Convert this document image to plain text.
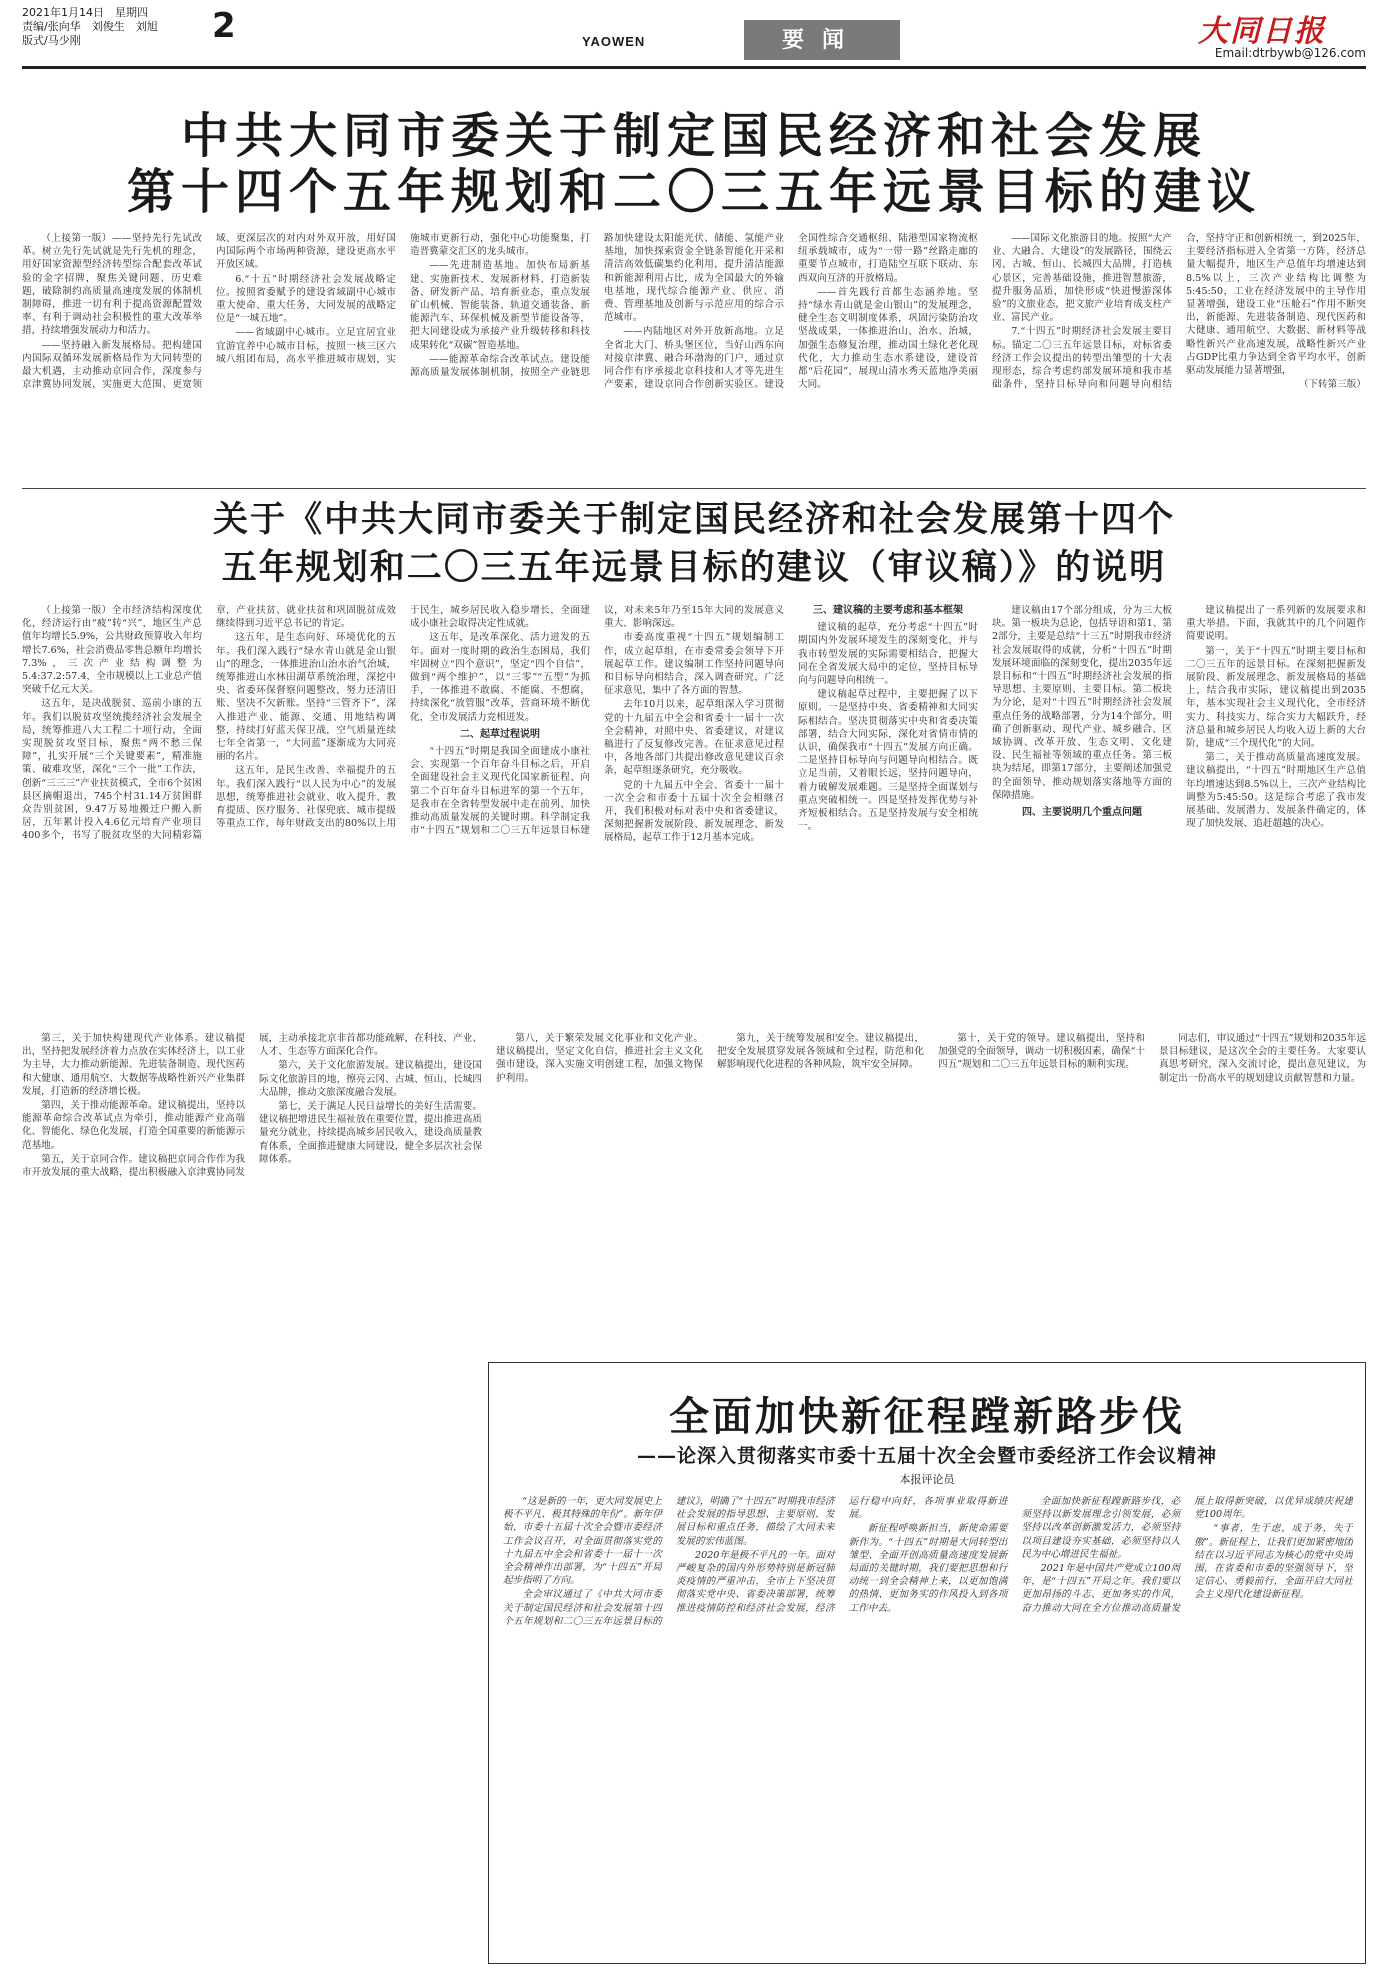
2021年1月14日　星期四
责编/张向华　刘俊生　刘旭
版式/马少刚	2	YAOWEN	要闻	大同日报
Email:dtrbywb@126.com
中共大同市委关于制定国民经济和社会发展
第十四个五年规划和二〇三五年远景目标的建议

（上接第一版）——坚持先行先试改革。树立先行先试就是先行先机的理念，用好国家资源型经济转型综合配套改革试验的金字招牌，聚焦关键问题、历史难题，破除制约高质量高速度发展的体制机制障碍，推进一切有利于提高资源配置效率、有利于调动社会积极性的重大改革举措，持续增强发展动力和活力。

——坚持融入新发展格局。把构建国内国际双循环发展新格局作为大同转型的最大机遇，主动推动京同合作，深度参与京津冀协同发展，实施更大范围、更宽领域、更深层次的对内对外双开放，用好国内国际两个市场两种资源，建设更高水平开放区域。

6.“十五”时期经济社会发展战略定位。按照省委赋予的建设省域副中心城市重大使命、重大任务，大同发展的战略定位是“一城五地”。

——省域副中心城市。立足宜居宜业宜游宜养中心城市目标，按照一核三区六城八组团布局，高水平推进城市规划，实施城市更新行动，强化中心功能聚集，打造晋冀蒙交汇区的龙头城市。

——先进制造基地。加快布局新基建、实施新技术、发展新材料、打造新装备、研发新产品、培育新业态，重点发展矿山机械、智能装备、轨道交通装备、新能源汽车、环保机械及新型节能设备等，把大同建设成为承接产业升级转移和科技成果转化“双碳”智造基地。

——能源革命综合改革试点。建设能源高质量发展体制机制，按照全产业链思路加快建设太阳能光伏、储能、氢能产业基地，加快探索资金全链条智能化开采和清洁高效低碳集约化利用，提升清洁能源和新能源利用占比，成为全国最大的外输电基地，现代综合能源产业、供应、消费、管理基地及创新与示范应用的综合示范城市。

——内陆地区对外开放新高地。立足全省北大门、桥头堡区位，当好山西东向对接京津冀、融合环渤海的门户，通过京同合作有序承接北京科技和人才等先进生产要素，建设京同合作创新实验区。建设全国性综合交通枢纽、陆港型国家物流枢纽承载城市，成为“一带一路”丝路走廊的重要节点城市，打造陆空互联下联动、东西双向互济的开放格局。

——首先践行首都生态涵养地。坚持“绿水青山就是金山银山”的发展理念，健全生态文明制度体系，巩固污染防治攻坚战成果，一体推进治山、治水、治城，加强生态修复治理，推动国土绿化老化现代化，大力推动生态水系建设，建设首都“后花园”，展现山清水秀天蓝地净美丽大同。

——国际文化旅游目的地。按照“大产业、大融合、大建设”的发展路径，围绕云冈、古城、恒山、长城四大品牌，打造核心景区，完善基础设施，推进智慧旅游，提升服务品质，加快形成“快进慢游深体验”的文旅业态，把文旅产业培育成支柱产业、富民产业。

7.“十四五”时期经济社会发展主要目标。锚定二〇三五年远景目标，对标省委经济工作会议提出的转型出雏型的十大表现形态，综合考虑约部发展环境和我市基础条件，坚持目标导向和问题导向相结合，坚持守正和创新相统一，到2025年，主要经济指标进入全省第一方阵，经济总量大幅提升，地区生产总值年均增速达到8.5%以上，三次产业结构比调整为5:45:50，工业在经济发展中的主导作用显著增强，建设工业“压舱石”作用不断突出，新能源、先进装备制造、现代医药和大健康、通用航空、大数据、新材料等战略性新兴产业高速发展，战略性新兴产业占GDP比重力争达到全省平均水平，创新驱动发展能力显著增强，

（下转第三版）

关于《中共大同市委关于制定国民经济和社会发展第十四个
五年规划和二〇三五年远景目标的建议（审议稿）》的说明

（上接第一版）全市经济结构深度优化，经济运行由“疲”转“兴”，地区生产总值年均增长5.9%，公共财政预算收入年均增长7.6%，社会消费品零售总额年均增长7.3%，三次产业结构调整为5.4:37.2:57.4，全市规模以上工业总产值突破千亿元大关。

这五年，是决战脱贫、巡前小康的五年。我们以脱贫攻坚统揽经济社会发展全局，统筹推进八大工程二十项行动，全面实现脱贫攻坚目标，聚焦“两不愁三保障”，扎实开展“三个关键要素”，精准施策、破难攻坚，深化“三个一批”工作法，创新“三三三”产业扶贫模式，全市6个贫困县区摘帽退出，745个村31.14万贫困群众告别贫困，9.47万易地搬迁户搬入新居，五年累计投入4.6亿元培育产业项目400多个，书写了脱贫攻坚的大同精彩篇章，产业扶贫、就业扶贫和巩固脱贫成效继续得到习近平总书记的肯定。

这五年，是生态向好、环境优化的五年。我们深入践行“绿水青山就是金山银山”的理念，一体推进治山治水治气治城，统筹推进山水林田湖草系统治理，深挖中央、省委环保督察问题整改，努力还清旧账、坚决不欠新账。坚持“三管齐下”，深入推进产业、能源、交通、用地结构调整，持续打好蓝天保卫战，空气质量连续七年全省第一，“大同蓝”逐渐成为大同亮丽的名片。

这五年，是民生改善、幸福提升的五年。我们深入践行“以人民为中心”的发展思想，统筹推进社会就业、收入提升、教育提质、医疗服务、社保兜底、城市提级等重点工作，每年财政支出的80%以上用于民生，城乡居民收入稳步增长，全面建成小康社会取得决定性成就。

这五年，是改革深化、活力迸发的五年。面对一度时期的政治生态困局，我们牢固树立“四个意识”，坚定“四个自信”，做到“两个维护”，以“三零”“五型”为抓手，一体推进不敢腐、不能腐、不想腐，持续深化“放管服”改革，营商环境不断优化，全市发展活力竞相迸发。

二、起草过程说明

“十四五”时期是我国全面建成小康社会、实现第一个百年奋斗目标之后，开启全面建设社会主义现代化国家新征程、向第二个百年奋斗目标进军的第一个五年，是我市在全省转型发展中走在前列、加快推动高质量发展的关键时期。科学制定我市“十四五”规划和二〇三五年远景目标建议，对未来5年乃至15年大同的发展意义重大、影响深远。

市委高度重视“十四五”规划编制工作，成立起草组，在市委常委会领导下开展起草工作。建议编制工作坚持问题导向和目标导向相结合，深入调查研究，广泛征求意见，集中了各方面的智慧。

去年10月以来，起草组深入学习贯彻党的十九届五中全会和省委十一届十一次全会精神，对照中央、省委建议，对建议稿进行了反复修改完善。在征求意见过程中，各地各部门共提出修改意见建议百余条，起草组逐条研究，充分吸收。

党的十九届五中全会、省委十一届十一次全会和市委十五届十次全会相继召开，我们积极对标对表中央和省委建议，深刻把握新发展阶段、新发展理念、新发展格局，起草工作于12月基本完成。

三、建议稿的主要考虑和基本框架

建议稿的起草，充分考虑“十四五”时期国内外发展环境发生的深刻变化，并与我市转型发展的实际需要相结合，把握大同在全省发展大局中的定位，坚持目标导向与问题导向相统一。

建议稿起草过程中，主要把握了以下原则。一是坚持中央、省委精神和大同实际相结合。坚决贯彻落实中央和省委决策部署，结合大同实际，深化对省情市情的认识，确保我市“十四五”发展方向正确。二是坚持目标导向与问题导向相结合。既立足当前，又着眼长远，坚持问题导向，着力破解发展难题。三是坚持全面谋划与重点突破相统一。四是坚持发挥优势与补齐短板相结合。五是坚持发展与安全相统一。

建议稿由17个部分组成，分为三大板块。第一板块为总论，包括导语和第1、第2部分，主要是总结“十三五”时期我市经济社会发展取得的成就，分析“十四五”时期发展环境面临的深刻变化，提出2035年远景目标和“十四五”时期经济社会发展的指导思想、主要原则、主要目标。第二板块为分论，是对“十四五”时期经济社会发展重点任务的战略部署，分为14个部分，明确了创新驱动、现代产业、城乡融合、区域协调、改革开放、生态文明、文化建设、民生福祉等领域的重点任务。第三板块为结尾，即第17部分，主要阐述加强党的全面领导、推动规划落实落地等方面的保障措施。

四、主要说明几个重点问题

建议稿提出了一系列新的发展要求和重大举措。下面，我就其中的几个问题作简要说明。

第一，关于“十四五”时期主要目标和二〇三五年的远景目标。在深刻把握新发展阶段、新发展理念、新发展格局的基础上，结合我市实际，建议稿提出到2035年，基本实现社会主义现代化，全市经济实力、科技实力、综合实力大幅跃升，经济总量和城乡居民人均收入迈上新的大台阶，建成“三个现代化”的大同。

第二，关于推动高质量高速度发展。建议稿提出，“十四五”时期地区生产总值年均增速达到8.5%以上，三次产业结构比调整为5:45:50。这是综合考虑了我市发展基础、发展潜力、发展条件确定的，体现了加快发展、追赶超越的决心。

第三，关于加快构建现代产业体系。建议稿提出，坚持把发展经济着力点放在实体经济上，以工业为主导，大力推动新能源、先进装备制造、现代医药和大健康、通用航空、大数据等战略性新兴产业集群发展，打造新的经济增长极。

第四，关于推动能源革命。建议稿提出，坚持以能源革命综合改革试点为牵引，推动能源产业高端化、智能化、绿色化发展，打造全国重要的新能源示范基地。

第五，关于京同合作。建议稿把京同合作作为我市开放发展的重大战略，提出积极融入京津冀协同发展，主动承接北京非首都功能疏解，在科技、产业、人才、生态等方面深化合作。

第六，关于文化旅游发展。建议稿提出，建设国际文化旅游目的地，擦亮云冈、古城、恒山、长城四大品牌，推动文旅深度融合发展。

第七，关于满足人民日益增长的美好生活需要。建议稿把增进民生福祉放在重要位置，提出推进高质量充分就业，持续提高城乡居民收入，建设高质量教育体系，全面推进健康大同建设，健全多层次社会保障体系。

第八，关于繁荣发展文化事业和文化产业。建议稿提出，坚定文化自信，推进社会主义文化强市建设，深入实施文明创建工程，加强文物保护利用。

第九，关于统筹发展和安全。建议稿提出，把安全发展贯穿发展各领域和全过程，防范和化解影响现代化进程的各种风险，筑牢安全屏障。

第十，关于党的领导。建议稿提出，坚持和加强党的全面领导，调动一切积极因素，确保“十四五”规划和二〇三五年远景目标的顺利实现。

同志们，审议通过“十四五”规划和2035年远景目标建议，是这次全会的主要任务。大家要认真思考研究，深入交流讨论，提出意见建议，为制定出一份高水平的规划建议贡献智慧和力量。

全面加快新征程蹚新路步伐
——论深入贯彻落实市委十五届十次全会暨市委经济工作会议精神
本报评论员

“这是新的一年，更大同发展史上极不平凡、极其特殊的年份”。新年伊始，市委十五届十次全会暨市委经济工作会议召开，对全面贯彻落实党的十九届五中全会和省委十一届十一次全会精神作出部署，为“十四五”开局起步指明了方向。

全会审议通过了《中共大同市委关于制定国民经济和社会发展第十四个五年规划和二〇三五年远景目标的建议》，明确了“十四五”时期我市经济社会发展的指导思想、主要原则、发展目标和重点任务，描绘了大同未来发展的宏伟蓝图。

2020年是极不平凡的一年。面对严峻复杂的国内外形势特别是新冠肺炎疫情的严重冲击，全市上下坚决贯彻落实党中央、省委决策部署，统筹推进疫情防控和经济社会发展，经济运行稳中向好，各项事业取得新进展。

新征程呼唤新担当，新使命需要新作为。“十四五”时期是大同转型出雏型、全面开创高质量高速度发展新局面的关键时期，我们要把思想和行动统一到全会精神上来，以更加饱满的热情、更加务实的作风投入到各项工作中去。

全面加快新征程蹚新路步伐，必须坚持以新发展理念引领发展，必须坚持以改革创新激发活力，必须坚持以项目建设夯实基础，必须坚持以人民为中心增进民生福祉。

2021年是中国共产党成立100周年，是“十四五”开局之年。我们要以更加昂扬的斗志、更加务实的作风，奋力推动大同在全方位推动高质量发展上取得新突破，以优异成绩庆祝建党100周年。

“事者，生于虑，成于务，失于傲”。新征程上，让我们更加紧密地团结在以习近平同志为核心的党中央周围，在省委和市委的坚强领导下，坚定信心、勇毅前行，全面开启大同社会主义现代化建设新征程。
